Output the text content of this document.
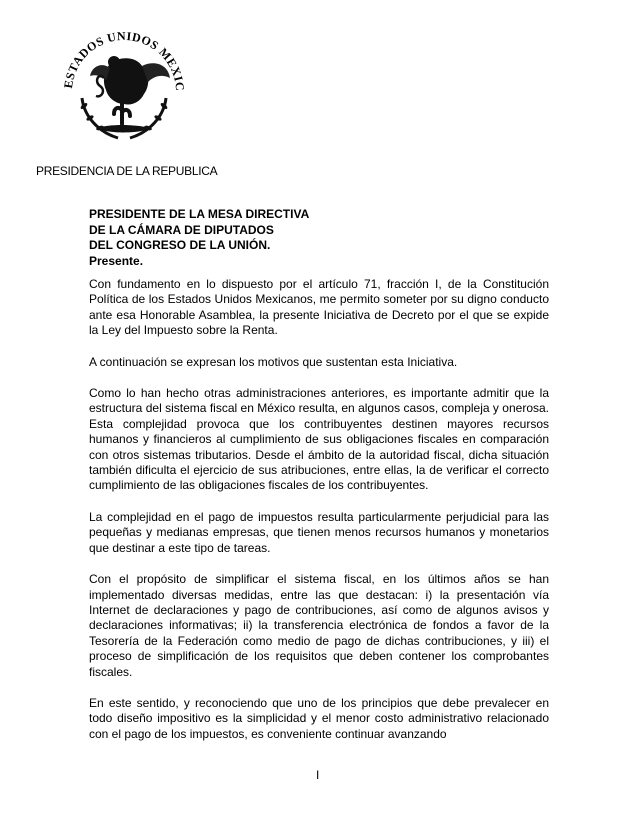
ESTADOS UNIDOS MEXIC
PRESIDENCIA DE LA REPUBLICA
PRESIDENTE DE LA MESA DIRECTIVA
DE LA CÁMARA DE DIPUTADOS
DEL CONGRESO DE LA UNIÓN.
Presente.

Con fundamento en lo dispuesto por el artículo 71, fracción I, de la Constitución Política de los Estados Unidos Mexicanos, me permito someter por su digno conducto ante esa Honorable Asamblea, la presente Iniciativa de Decreto por el que se expide la Ley del Impuesto sobre la Renta.

A continuación se expresan los motivos que sustentan esta Iniciativa.

Como lo han hecho otras administraciones anteriores, es importante admitir que la estructura del sistema fiscal en México resulta, en algunos casos, compleja y onerosa. Esta complejidad provoca que los contribuyentes destinen mayores recursos humanos y financieros al cumplimiento de sus obligaciones fiscales en comparación con otros sistemas tributarios. Desde el ámbito de la autoridad fiscal, dicha situación también dificulta el ejercicio de sus atribuciones, entre ellas, la de verificar el correcto cumplimiento de las obligaciones fiscales de los contribuyentes.

La complejidad en el pago de impuestos resulta particularmente perjudicial para las pequeñas y medianas empresas, que tienen menos recursos humanos y monetarios que destinar a este tipo de tareas.

Con el propósito de simplificar el sistema fiscal, en los últimos años se han implementado diversas medidas, entre las que destacan: i) la presentación vía Internet de declaraciones y pago de contribuciones, así como de algunos avisos y declaraciones informativas; ii) la transferencia electrónica de fondos a favor de la Tesorería de la Federación como medio de pago de dichas contribuciones, y iii) el proceso de simplificación de los requisitos que deben contener los comprobantes fiscales.

En este sentido, y reconociendo que uno de los principios que debe prevalecer en todo diseño impositivo es la simplicidad y el menor costo administrativo relacionado con el pago de los impuestos, es conveniente continuar avanzando

I
